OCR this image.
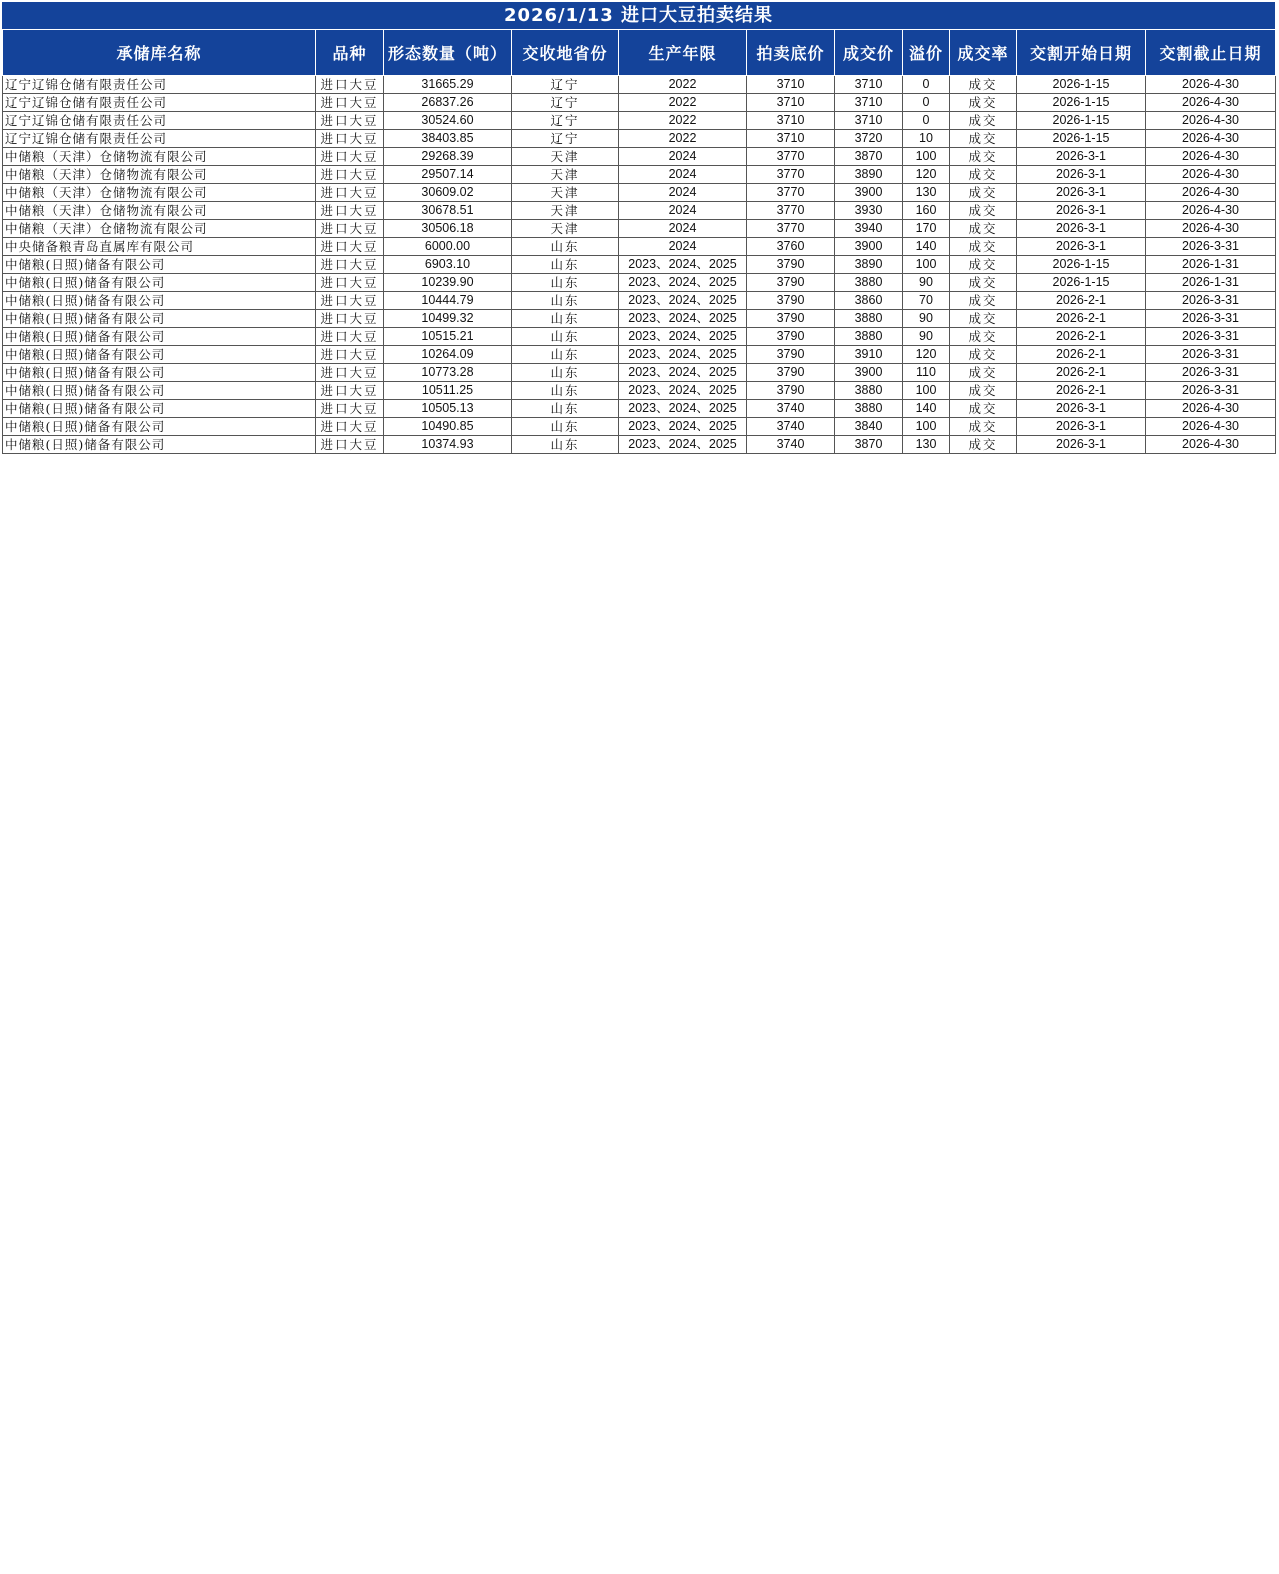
2026/1/13 进口大豆拍卖结果
承储库名称	品种	形态数量（吨）	交收地省份	生产年限	拍卖底价	成交价	溢价	成交率	交割开始日期	交割截止日期
辽宁辽锦仓储有限责任公司	进口大豆	31665.29	辽宁	2022	3710	3710	0	成交	2026-1-15	2026-4-30
辽宁辽锦仓储有限责任公司	进口大豆	26837.26	辽宁	2022	3710	3710	0	成交	2026-1-15	2026-4-30
辽宁辽锦仓储有限责任公司	进口大豆	30524.60	辽宁	2022	3710	3710	0	成交	2026-1-15	2026-4-30
辽宁辽锦仓储有限责任公司	进口大豆	38403.85	辽宁	2022	3710	3720	10	成交	2026-1-15	2026-4-30
中储粮（天津）仓储物流有限公司	进口大豆	29268.39	天津	2024	3770	3870	100	成交	2026-3-1	2026-4-30
中储粮（天津）仓储物流有限公司	进口大豆	29507.14	天津	2024	3770	3890	120	成交	2026-3-1	2026-4-30
中储粮（天津）仓储物流有限公司	进口大豆	30609.02	天津	2024	3770	3900	130	成交	2026-3-1	2026-4-30
中储粮（天津）仓储物流有限公司	进口大豆	30678.51	天津	2024	3770	3930	160	成交	2026-3-1	2026-4-30
中储粮（天津）仓储物流有限公司	进口大豆	30506.18	天津	2024	3770	3940	170	成交	2026-3-1	2026-4-30
中央储备粮青岛直属库有限公司	进口大豆	6000.00	山东	2024	3760	3900	140	成交	2026-3-1	2026-3-31
中储粮(日照)储备有限公司	进口大豆	6903.10	山东	2023、2024、2025	3790	3890	100	成交	2026-1-15	2026-1-31
中储粮(日照)储备有限公司	进口大豆	10239.90	山东	2023、2024、2025	3790	3880	90	成交	2026-1-15	2026-1-31
中储粮(日照)储备有限公司	进口大豆	10444.79	山东	2023、2024、2025	3790	3860	70	成交	2026-2-1	2026-3-31
中储粮(日照)储备有限公司	进口大豆	10499.32	山东	2023、2024、2025	3790	3880	90	成交	2026-2-1	2026-3-31
中储粮(日照)储备有限公司	进口大豆	10515.21	山东	2023、2024、2025	3790	3880	90	成交	2026-2-1	2026-3-31
中储粮(日照)储备有限公司	进口大豆	10264.09	山东	2023、2024、2025	3790	3910	120	成交	2026-2-1	2026-3-31
中储粮(日照)储备有限公司	进口大豆	10773.28	山东	2023、2024、2025	3790	3900	110	成交	2026-2-1	2026-3-31
中储粮(日照)储备有限公司	进口大豆	10511.25	山东	2023、2024、2025	3790	3880	100	成交	2026-2-1	2026-3-31
中储粮(日照)储备有限公司	进口大豆	10505.13	山东	2023、2024、2025	3740	3880	140	成交	2026-3-1	2026-4-30
中储粮(日照)储备有限公司	进口大豆	10490.85	山东	2023、2024、2025	3740	3840	100	成交	2026-3-1	2026-4-30
中储粮(日照)储备有限公司	进口大豆	10374.93	山东	2023、2024、2025	3740	3870	130	成交	2026-3-1	2026-4-30
